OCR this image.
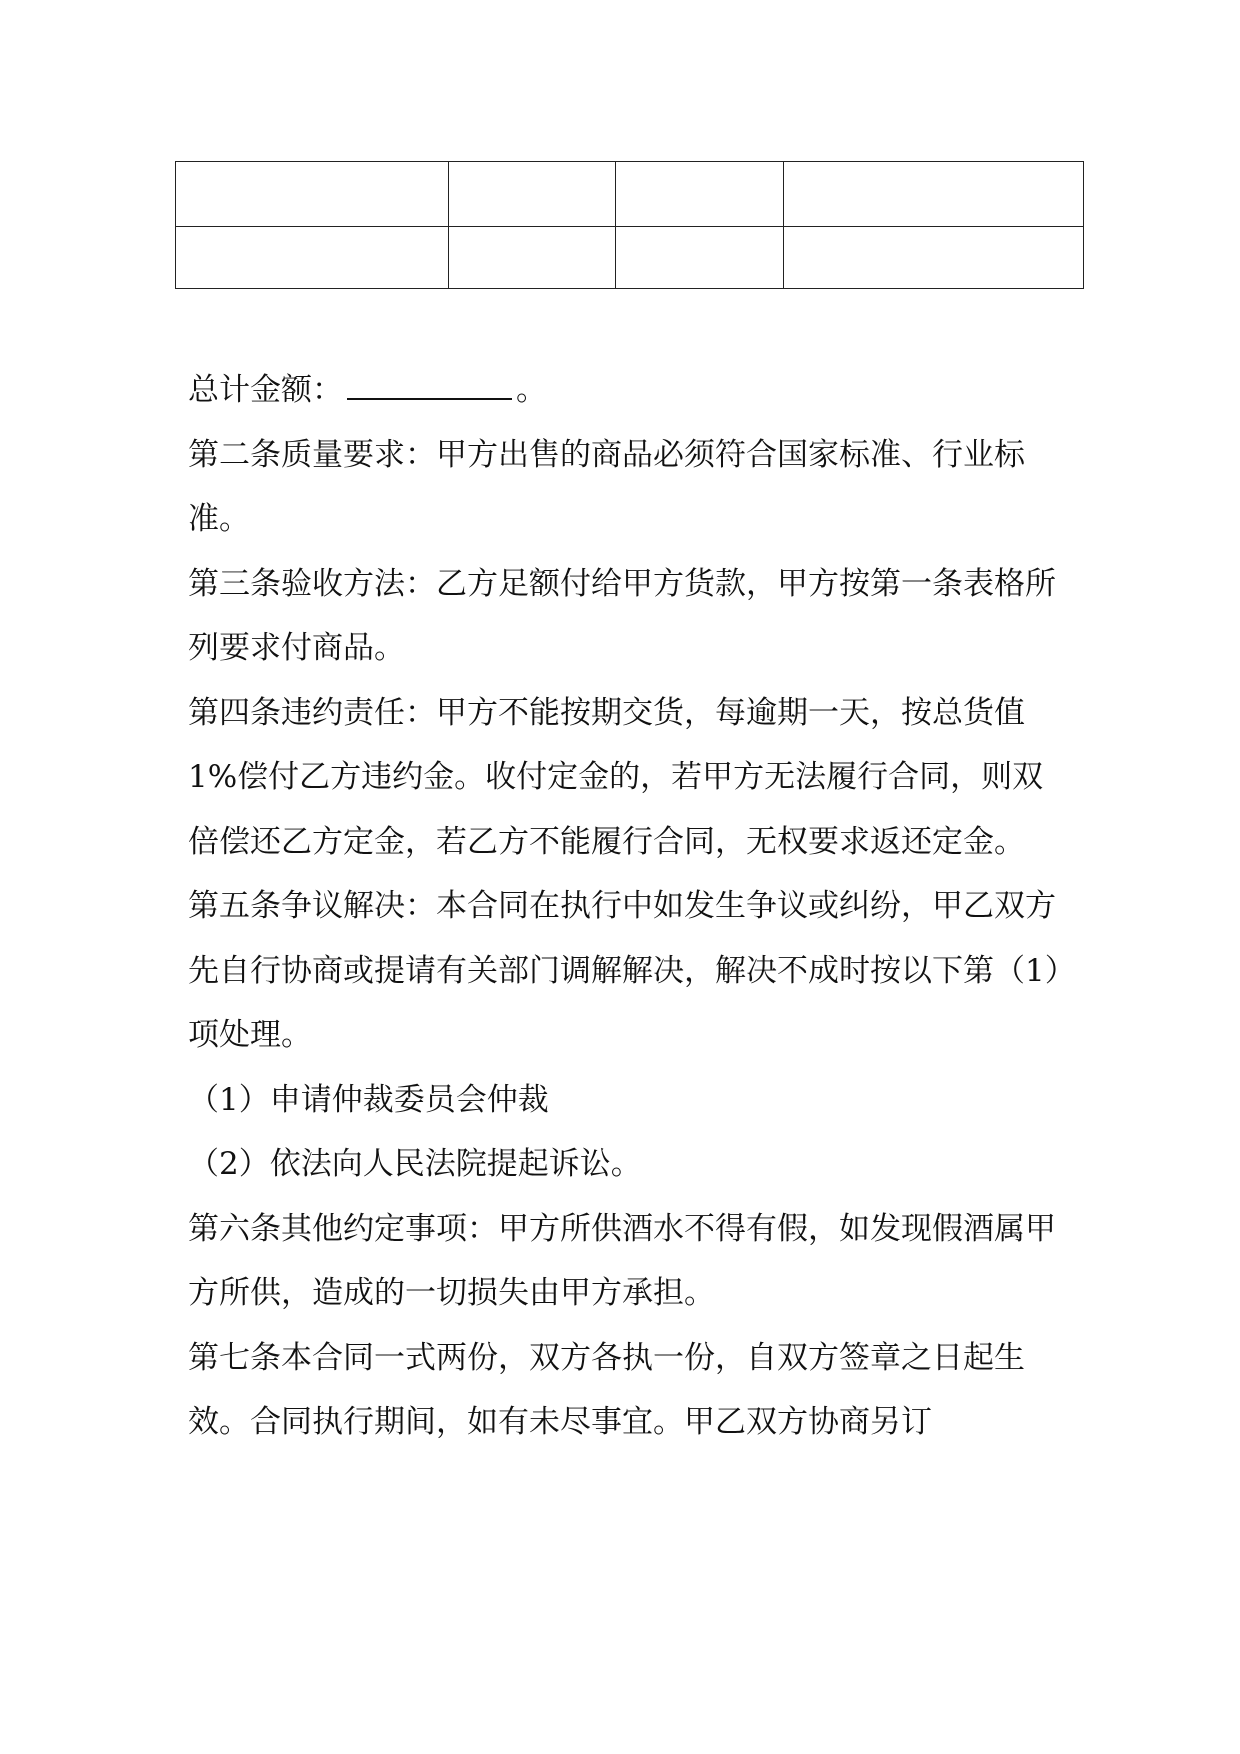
总计金额：	。

第二条质量要求：甲方出售的商品必须符合国家标准、行业标准。

第三条验收方法：乙方足额付给甲方货款，甲方按第一条表格所列要求付商品。

第四条违约责任：甲方不能按期交货，每逾期一天，按总货值1%偿付乙方违约金。收付定金的，若甲方无法履行合同，则双倍偿还乙方定金，若乙方不能履行合同，无权要求返还定金。

第五条争议解决：本合同在执行中如发生争议或纠纷，甲乙双方先自行协商或提请有关部门调解解决，解决不成时按以下第（1）项处理。

（1）申请仲裁委员会仲裁

（2）依法向人民法院提起诉讼。

第六条其他约定事项：甲方所供酒水不得有假，如发现假酒属甲方所供，造成的一切损失由甲方承担。

第七条本合同一式两份，双方各执一份，自双方签章之日起生效。合同执行期间，如有未尽事宜。甲乙双方协商另订
